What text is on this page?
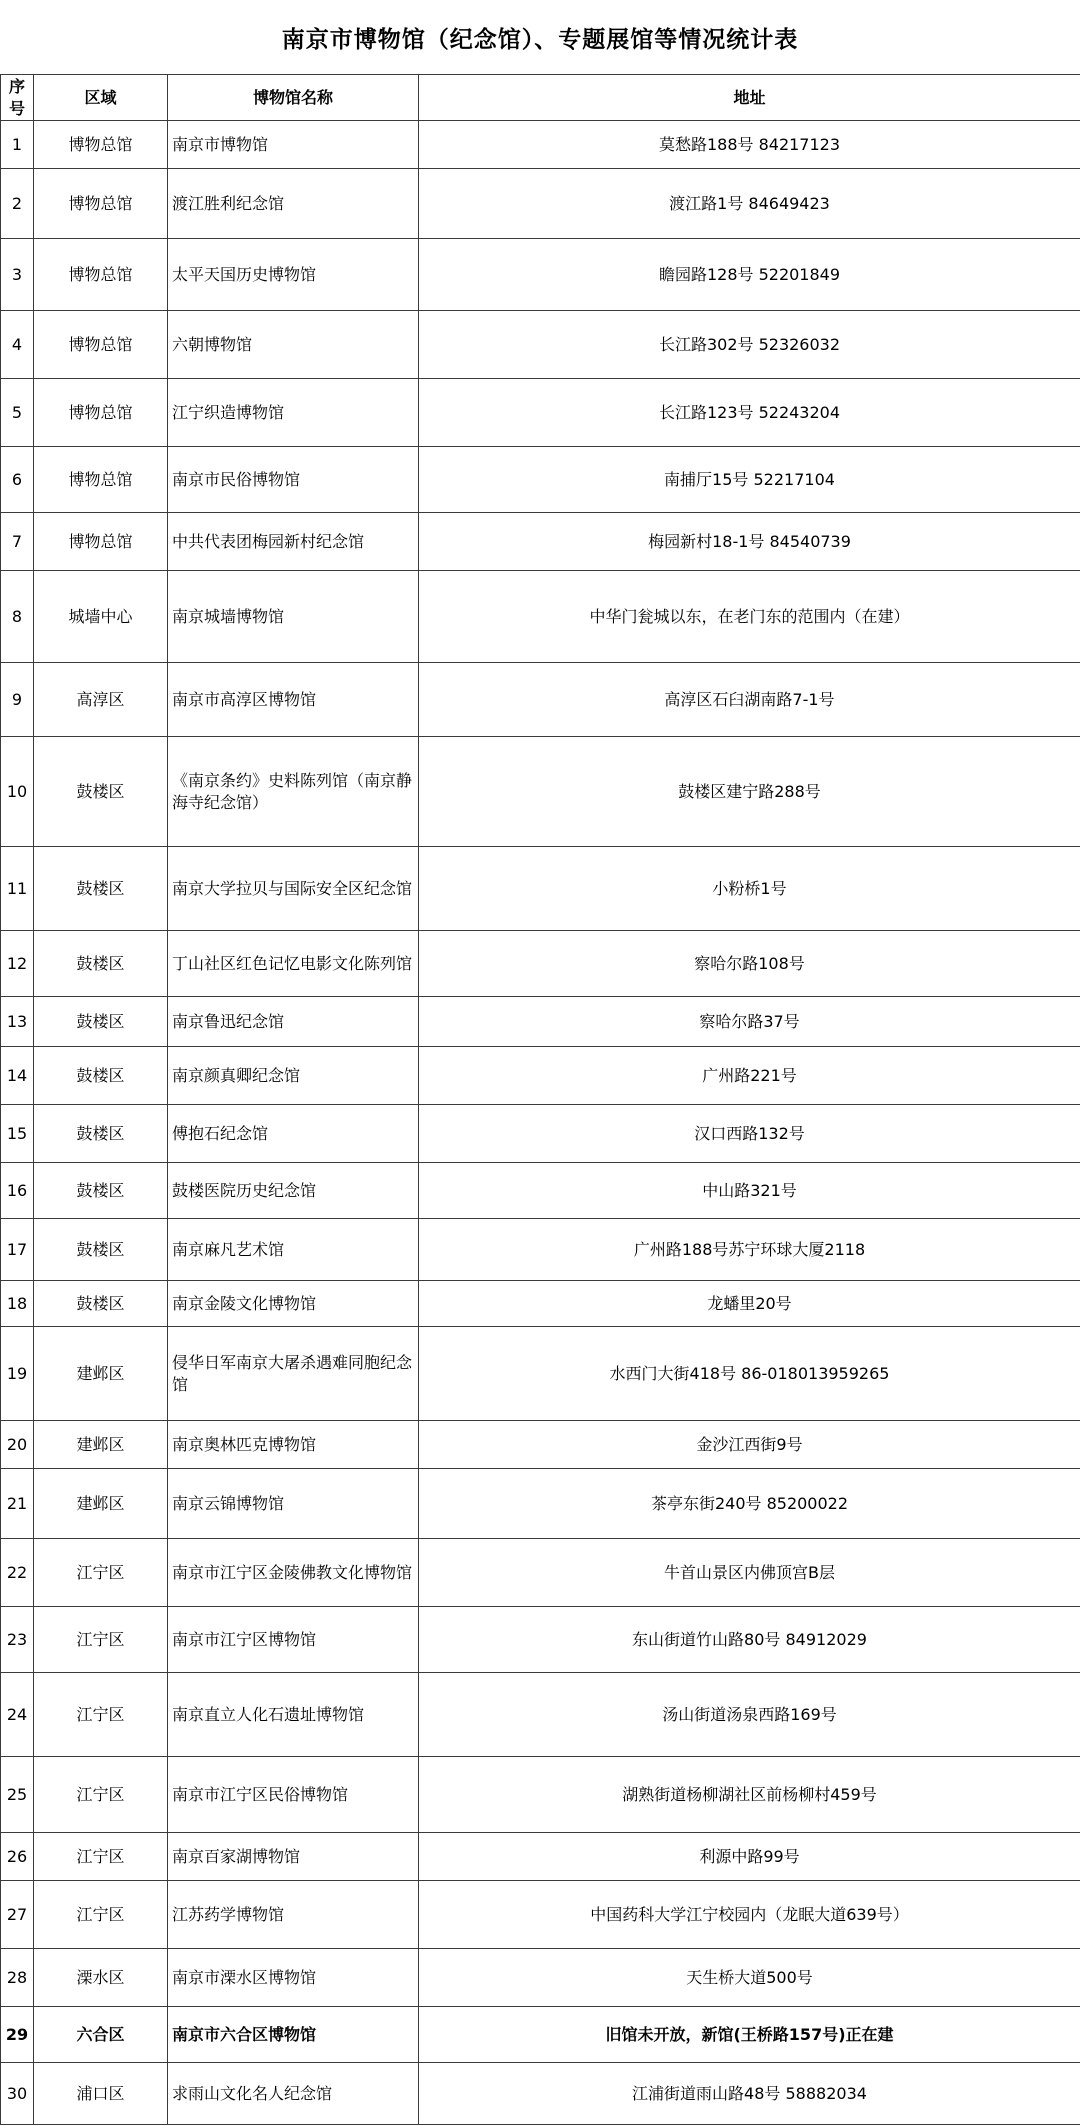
南京市博物馆（纪念馆）、专题展馆等情况统计表
序号	区域	博物馆名称	地址
1	博物总馆	南京市博物馆	莫愁路188号 84217123
2	博物总馆	渡江胜利纪念馆	渡江路1号 84649423
3	博物总馆	太平天国历史博物馆	瞻园路128号 52201849
4	博物总馆	六朝博物馆	长江路302号 52326032
5	博物总馆	江宁织造博物馆	长江路123号 52243204
6	博物总馆	南京市民俗博物馆	南捕厅15号 52217104
7	博物总馆	中共代表团梅园新村纪念馆	梅园新村18-1号 84540739
8	城墙中心	南京城墙博物馆	中华门瓮城以东，在老门东的范围内（在建）
9	高淳区	南京市高淳区博物馆	高淳区石臼湖南路7-1号
10	鼓楼区	《南京条约》史料陈列馆（南京静海寺纪念馆）	鼓楼区建宁路288号
11	鼓楼区	南京大学拉贝与国际安全区纪念馆	小粉桥1号
12	鼓楼区	丁山社区红色记忆电影文化陈列馆	察哈尔路108号
13	鼓楼区	南京鲁迅纪念馆	察哈尔路37号
14	鼓楼区	南京颜真卿纪念馆	广州路221号
15	鼓楼区	傅抱石纪念馆	汉口西路132号
16	鼓楼区	鼓楼医院历史纪念馆	中山路321号
17	鼓楼区	南京麻凡艺术馆	广州路188号苏宁环球大厦2118
18	鼓楼区	南京金陵文化博物馆	龙蟠里20号
19	建邺区	侵华日军南京大屠杀遇难同胞纪念馆	水西门大街418号 86-018013959265
20	建邺区	南京奥林匹克博物馆	金沙江西街9号
21	建邺区	南京云锦博物馆	茶亭东街240号 85200022
22	江宁区	南京市江宁区金陵佛教文化博物馆	牛首山景区内佛顶宫B层
23	江宁区	南京市江宁区博物馆	东山街道竹山路80号 84912029
24	江宁区	南京直立人化石遗址博物馆	汤山街道汤泉西路169号
25	江宁区	南京市江宁区民俗博物馆	湖熟街道杨柳湖社区前杨柳村459号
26	江宁区	南京百家湖博物馆	利源中路99号
27	江宁区	江苏药学博物馆	中国药科大学江宁校园内（龙眠大道639号）
28	溧水区	南京市溧水区博物馆	天生桥大道500号
29	六合区	南京市六合区博物馆	旧馆未开放，新馆(王桥路157号)正在建
30	浦口区	求雨山文化名人纪念馆	江浦街道雨山路48号 58882034
